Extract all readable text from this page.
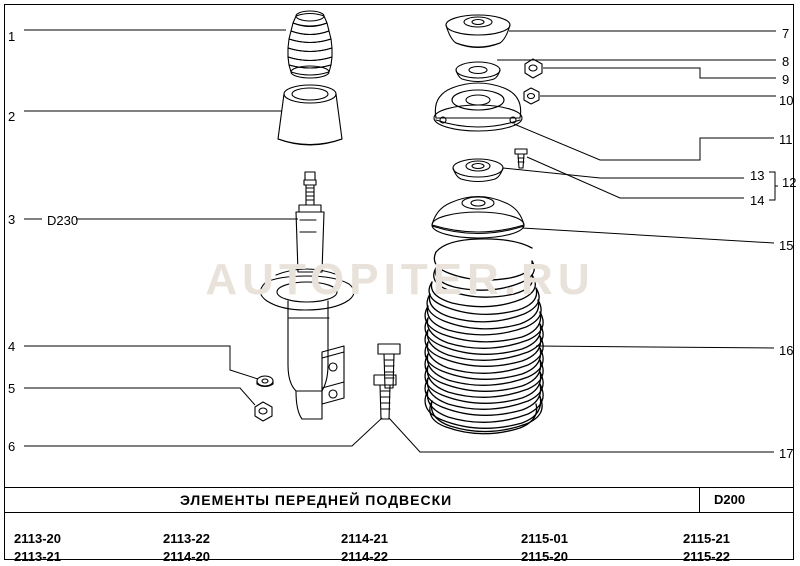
D230
1
2
3
4
5
6
7
8
9
10
11
12
13
14
15
16
17
AUTOPITER.RU
ЭЛЕМЕНТЫ ПЕРЕДНЕЙ ПОДВЕСКИ	D200
2113-20
2113-21
2113-22
2114-20
2114-21
2114-22
2115-01
2115-20
2115-21
2115-22
